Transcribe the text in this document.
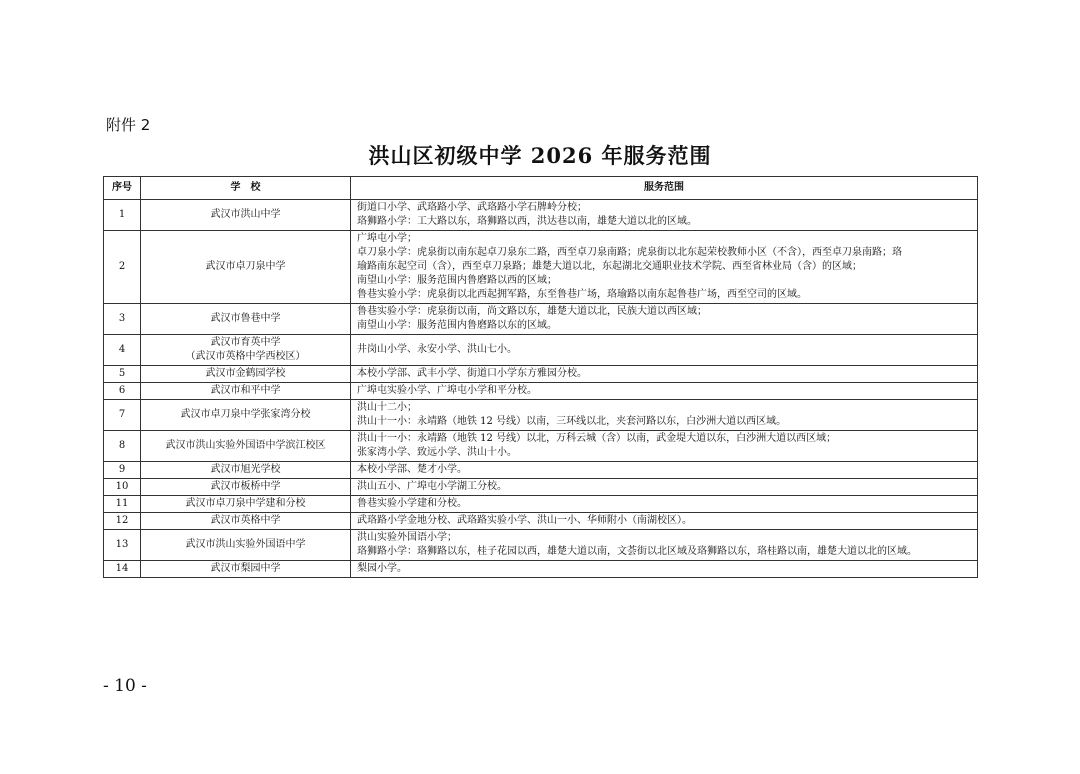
附件 2
洪山区初级中学 2026 年服务范围
序号	学　校	服务范围
1	武汉市洪山中学	街道口小学、武珞路小学、武珞路小学石牌岭分校；
珞狮路小学：工大路以东，珞狮路以西，洪达巷以南，雄楚大道以北的区域。

2	武汉市卓刀泉中学	广埠屯小学；
卓刀泉小学：虎泉街以南东起卓刀泉东二路，西至卓刀泉南路；虎泉街以北东起荣校教师小区（不含），西至卓刀泉南路；珞
瑜路南东起空司（含），西至卓刀泉路；雄楚大道以北，东起湖北交通职业技术学院、西至省林业局（含）的区域；
南望山小学：服务范围内鲁磨路以西的区域；
鲁巷实验小学：虎泉街以北西起拥军路，东至鲁巷广场，珞瑜路以南东起鲁巷广场，西至空司的区域。

3	武汉市鲁巷中学	鲁巷实验小学：虎泉街以南，尚文路以东，雄楚大道以北，民族大道以西区域；
南望山小学：服务范围内鲁磨路以东的区域。

4	武汉市育英中学
（武汉市英格中学西校区）	井岗山小学、永安小学、洪山七小。

5	武汉市金鹤园学校	本校小学部、武丰小学、街道口小学东方雅园分校。

6	武汉市和平中学	广埠屯实验小学、广埠屯小学和平分校。

7	武汉市卓刀泉中学张家湾分校	洪山十二小；
洪山十一小：永靖路（地铁 12 号线）以南，三环线以北，夹套河路以东，白沙洲大道以西区域。

8	武汉市洪山实验外国语中学滨江校区	洪山十一小：永靖路（地铁 12 号线）以北，万科云城（含）以南，武金堤大道以东，白沙洲大道以西区域；
张家湾小学、致远小学、洪山十小。

9	武汉市旭光学校	本校小学部、楚才小学。

10	武汉市板桥中学	洪山五小、广埠屯小学湖工分校。

11	武汉市卓刀泉中学建和分校	鲁巷实验小学建和分校。

12	武汉市英格中学	武珞路小学金地分校、武珞路实验小学、洪山一小、华师附小（南湖校区）。

13	武汉市洪山实验外国语中学	洪山实验外国语小学；
珞狮路小学：珞狮路以东，桂子花园以西，雄楚大道以南，文荟街以北区域及珞狮路以东，珞桂路以南，雄楚大道以北的区域。

14	武汉市梨园中学	梨园小学。
- 10 -
